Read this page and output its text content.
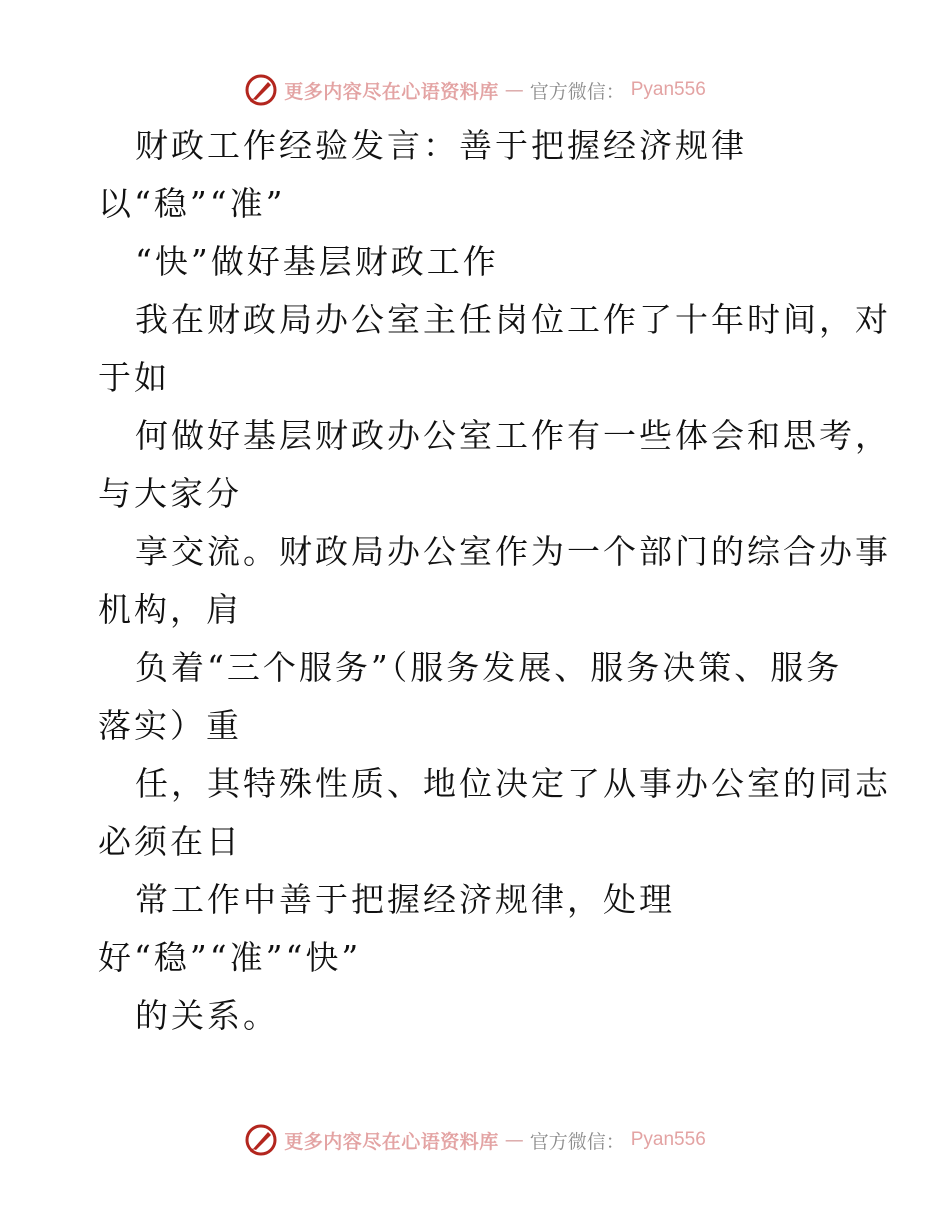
更多内容尽在心语资料库 — 官方微信： Pyan556
财政工作经验发言：善于把握经济规律
以“稳”“准”
“快”做好基层财政工作
我在财政局办公室主任岗位工作了十年时间，对
于如
何做好基层财政办公室工作有一些体会和思考，
与大家分
享交流。财政局办公室作为一个部门的综合办事
机构，肩
负着“三个服务”（服务发展、服务决策、服务
落实）重
任，其特殊性质、地位决定了从事办公室的同志
必须在日
常工作中善于把握经济规律，处理
好“稳”“准”“快”
的关系。
更多内容尽在心语资料库 — 官方微信： Pyan556
